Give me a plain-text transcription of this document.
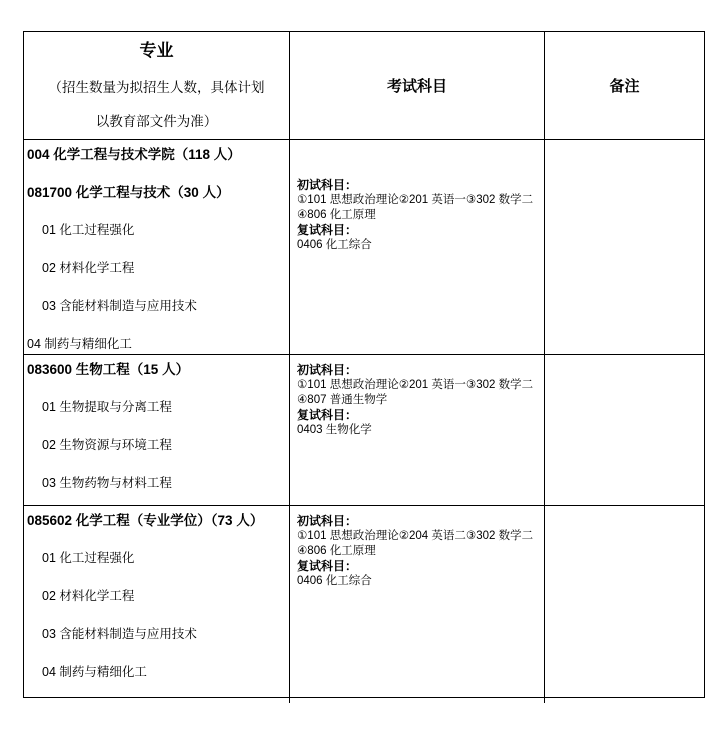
专业
（招生数量为拟招生人数，具体计划
以教育部文件为准）
考试科目	备注
004 化学工程与技术学院（118 人）
081700 化学工程与技术（30 人）
01 化工过程强化
02 材料化学工程
03 含能材料制造与应用技术
04 制药与精细化工
初试科目：
①101 思想政治理论②201 英语一③302 数学二
④806 化工原理
复试科目：
0406 化工综合
083600 生物工程（15 人）
01 生物提取与分离工程
02 生物资源与环境工程
03 生物药物与材料工程
初试科目：
①101 思想政治理论②201 英语一③302 数学二
④807 普通生物学
复试科目：
0403 生物化学
085602 化学工程（专业学位）（73 人）
01 化工过程强化
02 材料化学工程
03 含能材料制造与应用技术
04 制药与精细化工
初试科目：
①101 思想政治理论②204 英语二③302 数学二
④806 化工原理
复试科目：
0406 化工综合
